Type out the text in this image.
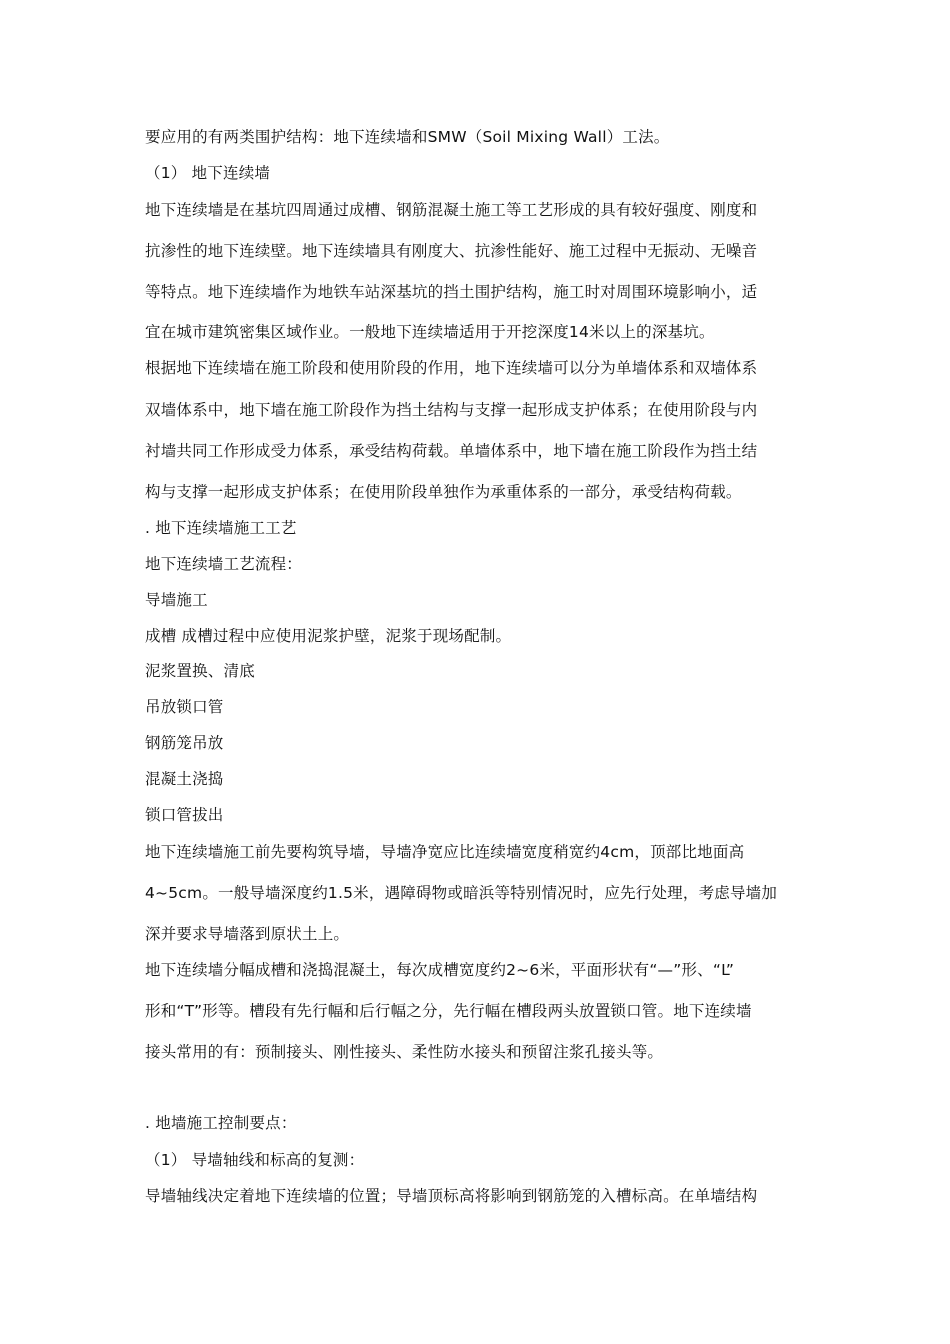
要应用的有两类围护结构：地下连续墙和SMW（Soil Mixing Wall）工法。
（1） 地下连续墙
地下连续墙是在基坑四周通过成槽、钢筋混凝土施工等工艺形成的具有较好强度、刚度和
抗渗性的地下连续壁。地下连续墙具有刚度大、抗渗性能好、施工过程中无振动、无噪音
等特点。地下连续墙作为地铁车站深基坑的挡土围护结构，施工时对周围环境影响小，适
宜在城市建筑密集区域作业。一般地下连续墙适用于开挖深度14米以上的深基坑。
根据地下连续墙在施工阶段和使用阶段的作用，地下连续墙可以分为单墙体系和双墙体系
双墙体系中，地下墙在施工阶段作为挡土结构与支撑一起形成支护体系；在使用阶段与内
衬墙共同工作形成受力体系，承受结构荷载。单墙体系中，地下墙在施工阶段作为挡土结
构与支撑一起形成支护体系；在使用阶段单独作为承重体系的一部分，承受结构荷载。
. 地下连续墙施工工艺
地下连续墙工艺流程：
导墙施工
成槽 成槽过程中应使用泥浆护壁，泥浆于现场配制。
泥浆置换、清底
吊放锁口管
钢筋笼吊放
混凝土浇捣
锁口管拔出
地下连续墙施工前先要构筑导墙，导墙净宽应比连续墙宽度稍宽约4cm，顶部比地面高
4~5cm。一般导墙深度约1.5米，遇障碍物或暗浜等特别情况时，应先行处理，考虑导墙加
深并要求导墙落到原状土上。
地下连续墙分幅成槽和浇捣混凝土，每次成槽宽度约2~6米，平面形状有“—”形、“L”
形和“T”形等。槽段有先行幅和后行幅之分，先行幅在槽段两头放置锁口管。地下连续墙
接头常用的有：预制接头、刚性接头、柔性防水接头和预留注浆孔接头等。
. 地墙施工控制要点：
（1） 导墙轴线和标高的复测：
导墙轴线决定着地下连续墙的位置；导墙顶标高将影响到钢筋笼的入槽标高。在单墙结构
